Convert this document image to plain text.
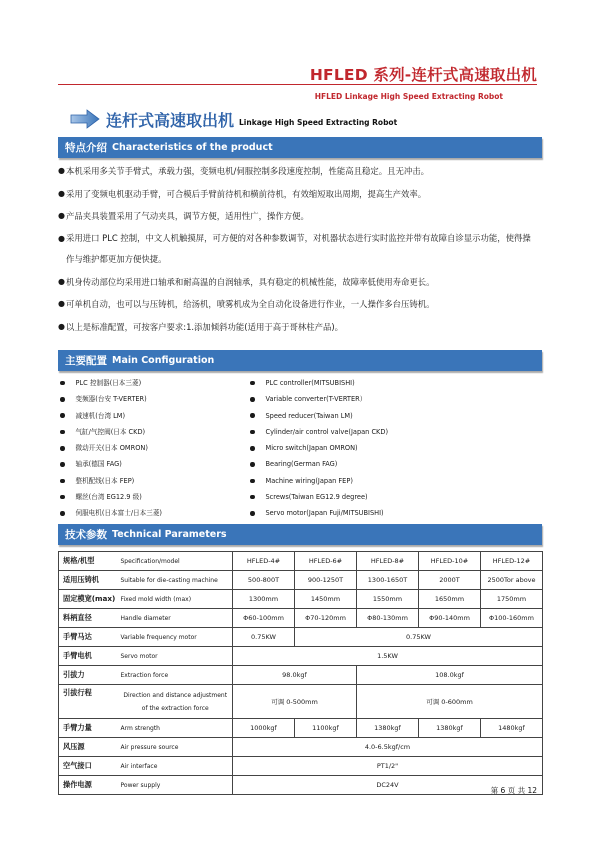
HFLED 系列-连杆式高速取出机
HFLED Linkage High Speed Extracting Robot
连杆式高速取出机 Linkage High Speed Extracting Robot
特点介绍 Characteristics of the product
● 本机采用多关节手臂式，承载力强，变频电机/伺服控制多段速度控制，性能高且稳定。且无冲击。
● 采用了变频电机驱动手臂，可合模后手臂前待机和横前待机，有效缩短取出周期，提高生产效率。
● 产品夹具装置采用了气动夹具，调节方便，适用性广，操作方便。
● 采用进口 PLC 控制，中文人机触摸屏，可方便的对各种参数调节，对机器状态进行实时监控并带有故障自诊显示功能，使得操作与维护都更加方便快捷。
● 机身传动部位均采用进口轴承和耐高温的自润轴承，具有稳定的机械性能，故障率低使用寿命更长。
● 可单机自动，也可以与压铸机，给汤机，喷雾机成为全自动化设备进行作业，一人操作多台压铸机。
● 以上是标准配置，可按客户要求:1.添加倾斜功能(适用于高于哥林柱产品)。
主要配置 Main Configuration
PLC 控制器(日本三菱)
变频器(台安 T-VERTER)
减速机(台湾 LM)
气缸/气控阀(日本 CKD)
微动开关(日本 OMRON)
轴承(德国 FAG)
整机配线(日本 FEP)
螺丝(台湾 EG12.9 级)
伺服电机(日本富士/日本三菱)
PLC controller(MITSUBISHI)
Variable converter(T-VERTER）
Speed reducer(Taiwan LM)
Cylinder/air control valve(Japan CKD)
Micro switch(Japan OMRON)
Bearing(German FAG)
Machine wiring(Japan FEP)
Screws(Taiwan EG12.9 degree)
Servo motor(Japan Fuji/MITSUBISHI)
技术参数 Technical Parameters
规格/机型	Specification/model	HFLED-4#	HFLED-6#	HFLED-8#	HFLED-10#	HFLED-12#
适用压铸机	Suitable for die-casting machine	500-800T	900-1250T	1300-1650T	2000T	2500Tor above
固定模宽(max)	Fixed mold width (max)	1300mm	1450mm	1550mm	1650mm	1750mm
料柄直径	Handle diameter	Φ60-100mm	Φ70-120mm	Φ80-130mm	Φ90-140mm	Φ100-160mm
手臂马达	Variable frequency motor	0.75KW	0.75KW			
手臂电机	Servo motor	1.5KW				
引拔力	Extraction force	98.0kgf		108.0kgf		
引拔行程	Direction and distance adjustment of the extraction force	可调 0-500mm		可调 0-600mm		
手臂力量	Arm strength	1000kgf	1100kgf	1380kgf	1380kgf	1480kgf
风压源	Air pressure source	4.0-6.5kgf/cm				
空气接口	Air interface	PT1/2"				
操作电源	Power supply	DC24V				
第 6 页 共 12
